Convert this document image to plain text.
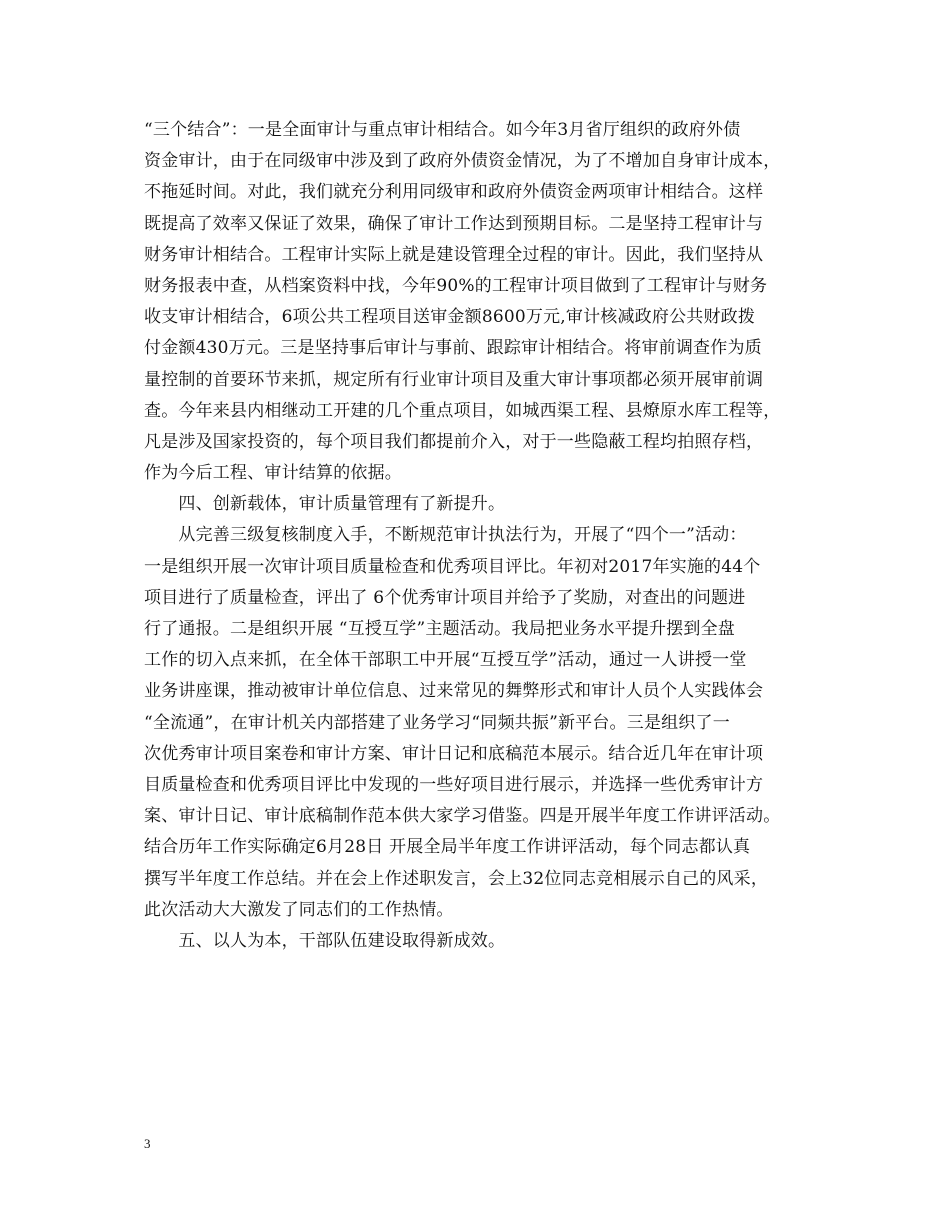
“三个结合”：一是全面审计与重点审计相结合。如今年3月省厅组织的政府外债
资金审计，由于在同级审中涉及到了政府外债资金情况，为了不增加自身审计成本，
不拖延时间。对此，我们就充分利用同级审和政府外债资金两项审计相结合。这样
既提高了效率又保证了效果，确保了审计工作达到预期目标。二是坚持工程审计与
财务审计相结合。工程审计实际上就是建设管理全过程的审计。因此，我们坚持从
财务报表中查，从档案资料中找，今年90%的工程审计项目做到了工程审计与财务
收支审计相结合，6项公共工程项目送审金额8600万元,审计核减政府公共财政拨
付金额430万元。三是坚持事后审计与事前、跟踪审计相结合。将审前调查作为质
量控制的首要环节来抓，规定所有行业审计项目及重大审计事项都必须开展审前调
查。今年来县内相继动工开建的几个重点项目，如城西渠工程、县燎原水库工程等，
凡是涉及国家投资的，每个项目我们都提前介入，对于一些隐蔽工程均拍照存档，
作为今后工程、审计结算的依据。
　　四、创新载体，审计质量管理有了新提升。
　　从完善三级复核制度入手，不断规范审计执法行为，开展了“四个一”活动：
一是组织开展一次审计项目质量检查和优秀项目评比。年初对2017年实施的44个
项目进行了质量检查，评出了 6个优秀审计项目并给予了奖励，对查出的问题进
行了通报。二是组织开展 “互授互学”主题活动。我局把业务水平提升摆到全盘
工作的切入点来抓，在全体干部职工中开展“互授互学”活动，通过一人讲授一堂
业务讲座课，推动被审计单位信息、过来常见的舞弊形式和审计人员个人实践体会
“全流通”，在审计机关内部搭建了业务学习“同频共振”新平台。三是组织了一
次优秀审计项目案卷和审计方案、审计日记和底稿范本展示。结合近几年在审计项
目质量检查和优秀项目评比中发现的一些好项目进行展示，并选择一些优秀审计方
案、审计日记、审计底稿制作范本供大家学习借鉴。四是开展半年度工作讲评活动。
结合历年工作实际确定6月28日 开展全局半年度工作讲评活动，每个同志都认真
撰写半年度工作总结。并在会上作述职发言，会上32位同志竞相展示自己的风采，
此次活动大大激发了同志们的工作热情。
　　五、以人为本，干部队伍建设取得新成效。
3
